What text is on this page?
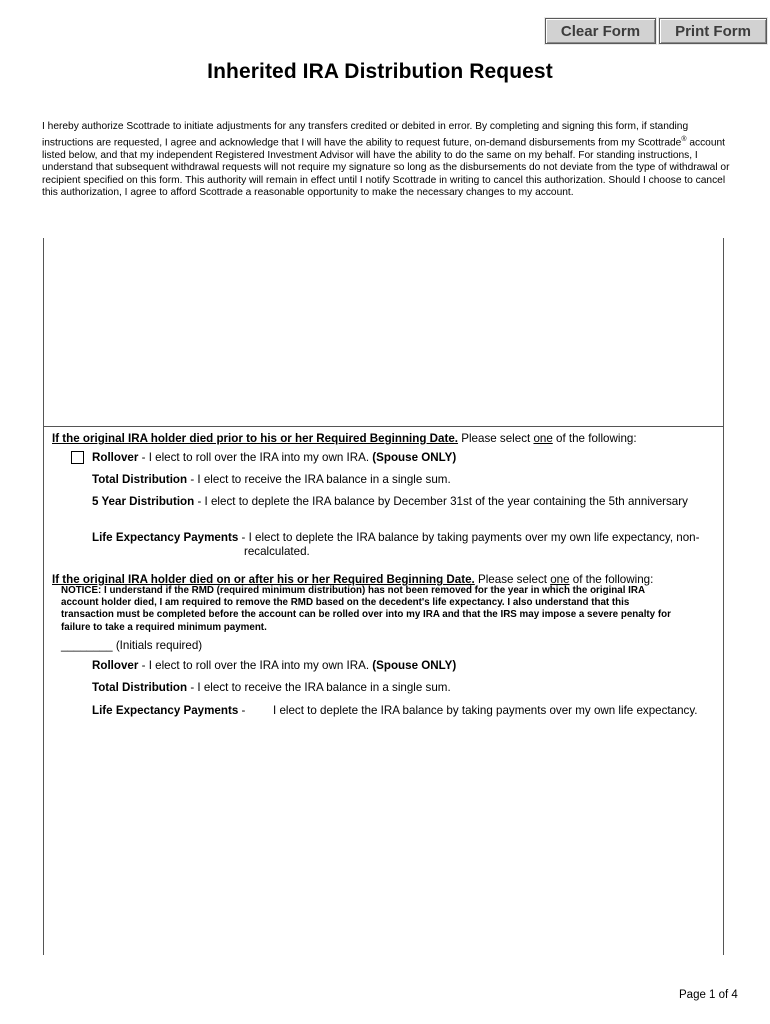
Clear Form	Print Form
Inherited IRA Distribution Request
I hereby authorize Scottrade to initiate adjustments for any transfers credited or debited in error. By completing and signing this form, if standing
instructions are requested, I agree and acknowledge that I will have the ability to request future, on-demand disbursements from my Scottrade® account
listed below, and that my independent Registered Investment Advisor will have the ability to do the same on my behalf. For standing instructions, I
understand that subsequent withdrawal requests will not require my signature so long as the disbursements do not deviate from the type of withdrawal or
recipient specified on this form. This authority will remain in effect until I notify Scottrade in writing to cancel this authorization. Should I choose to cancel
this authorization, I agree to afford Scottrade a reasonable opportunity to make the necessary changes to my account.
If the original IRA holder died prior to his or her Required Beginning Date. Please select one of the following:
Rollover - I elect to roll over the IRA into my own IRA. (Spouse ONLY)
Total Distribution - I elect to receive the IRA balance in a single sum.
5 Year Distribution - I elect to deplete the IRA balance by December 31st of the year containing the 5th anniversary
Life Expectancy Payments - I elect to deplete the IRA balance by taking payments over my own life expectancy, non-
recalculated.
If the original IRA holder died on or after his or her Required Beginning Date. Please select one of the following:
NOTICE: I understand if the RMD (required minimum distribution) has not been removed for the year in which the original IRA
account holder died, I am required to remove the RMD based on the decedent's life expectancy. I also understand that this
transaction must be completed before the account can be rolled over into my IRA and that the IRS may impose a severe penalty for
failure to take a required minimum payment.
________ (Initials required)
Rollover - I elect to roll over the IRA into my own IRA. (Spouse ONLY)
Total Distribution - I elect to receive the IRA balance in a single sum.
Life Expectancy Payments - I elect to deplete the IRA balance by taking payments over my own life expectancy.
Page 1 of 4
